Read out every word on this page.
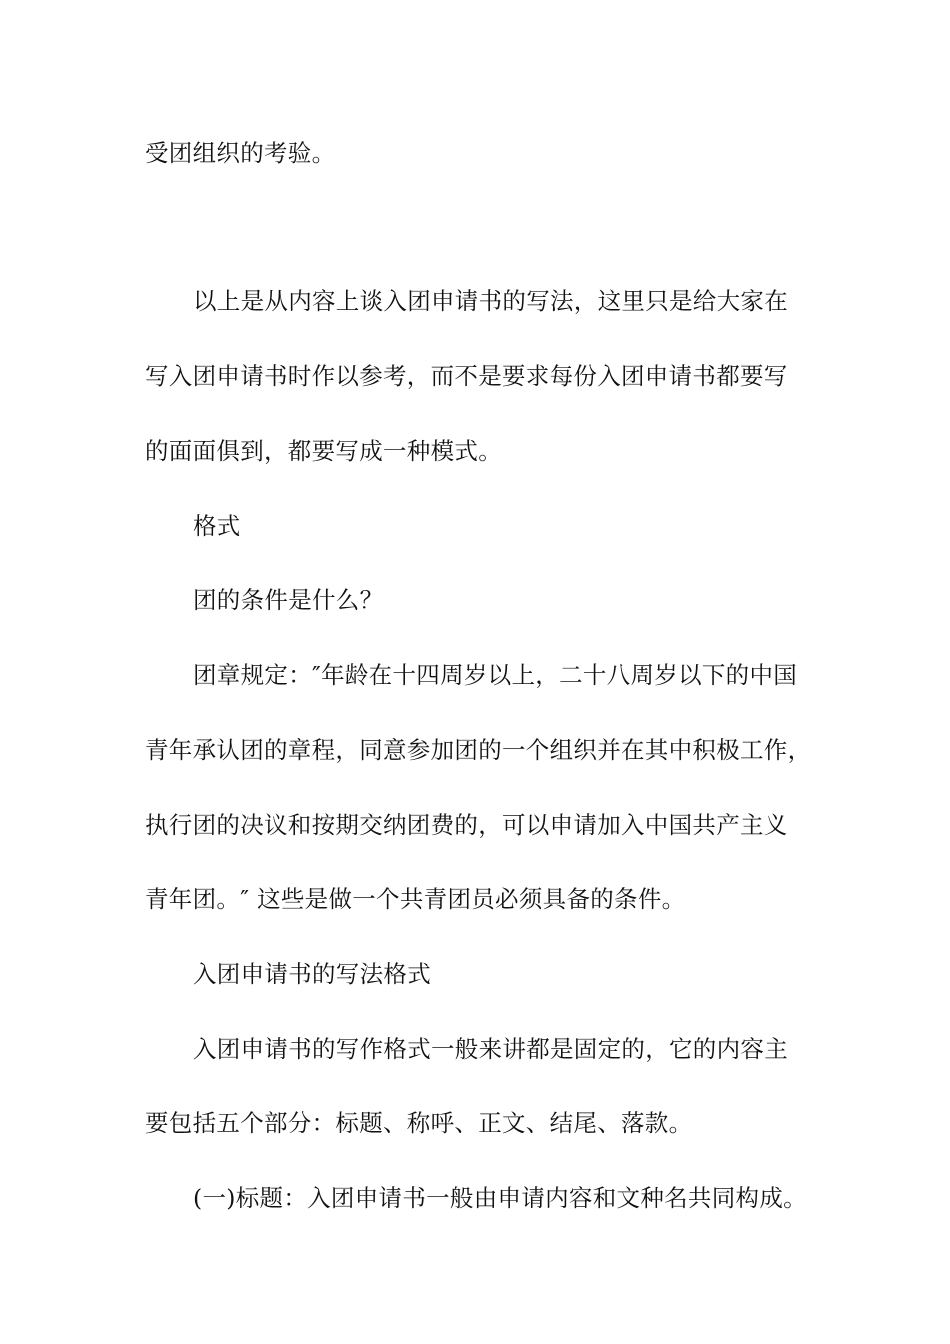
受团组织的考验。
以上是从内容上谈入团申请书的写法，这里只是给大家在
写入团申请书时作以参考，而不是要求每份入团申请书都要写
的面面俱到，都要写成一种模式。
格式
团的条件是什么？
团章规定：″年龄在十四周岁以上，二十八周岁以下的中国
青年承认团的章程，同意参加团的一个组织并在其中积极工作，
执行团的决议和按期交纳团费的，可以申请加入中国共产主义
青年团。″ 这些是做一个共青团员必须具备的条件。
入团申请书的写法格式
入团申请书的写作格式一般来讲都是固定的，它的内容主
要包括五个部分：标题、称呼、正文、结尾、落款。
(一)标题：入团申请书一般由申请内容和文种名共同构成。
